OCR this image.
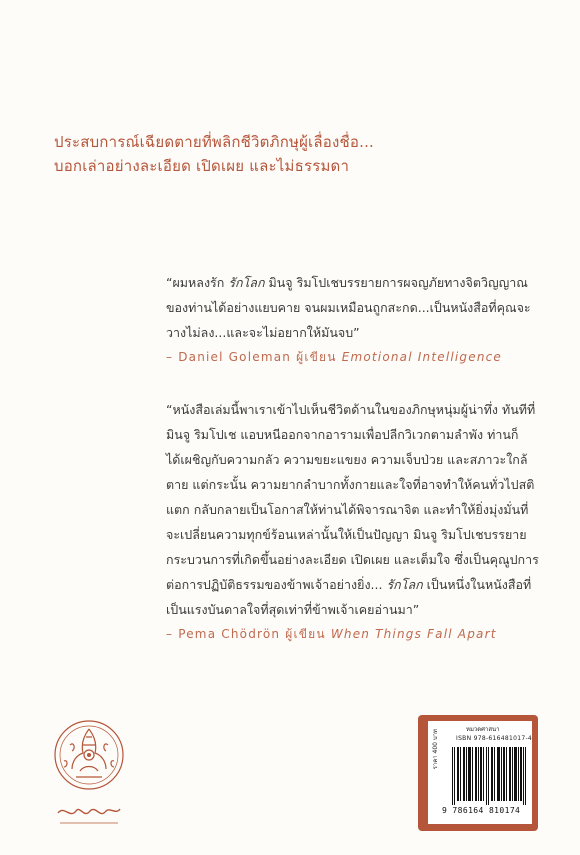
ประสบการณ์เฉียดตายที่พลิกชีวิตภิกษุผู้เลื่องชื่อ...
บอกเล่าอย่างละเอียด เปิดเผย และไม่ธรรมดา
“ผมหลงรัก รักโลก มินจู ริมโปเชบรรยายการผจญภัยทางจิตวิญญาณ
ของท่านได้อย่างแยบคาย จนผมเหมือนถูกสะกด...เป็นหนังสือที่คุณจะ
วางไม่ลง...และจะไม่อยากให้มันจบ”
– Daniel Goleman ผู้เขียน Emotional Intelligence
“หนังสือเล่มนี้พาเราเข้าไปเห็นชีวิตด้านในของภิกษุหนุ่มผู้น่าทึ่ง ทันทีที่
มินจู ริมโปเช แอบหนีออกจากอารามเพื่อปลีกวิเวกตามลำพัง ท่านก็
ได้เผชิญกับความกลัว ความขยะแขยง ความเจ็บป่วย และสภาวะใกล้
ตาย แต่กระนั้น ความยากลำบากทั้งกายและใจที่อาจทำให้คนทั่วไปสติ
แตก กลับกลายเป็นโอกาสให้ท่านได้พิจารณาจิต และทำให้ยิ่งมุ่งมั่นที่
จะเปลี่ยนความทุกข์ร้อนเหล่านั้นให้เป็นปัญญา มินจู ริมโปเชบรรยาย
กระบวนการที่เกิดขึ้นอย่างละเอียด เปิดเผย และเต็มใจ ซึ่งเป็นคุณูปการ
ต่อการปฏิบัติธรรมของข้าพเจ้าอย่างยิ่ง... รักโลก เป็นหนึ่งในหนังสือที่
เป็นแรงบันดาลใจที่สุดเท่าที่ข้าพเจ้าเคยอ่านมา”
– Pema Chödrön ผู้เขียน When Things Fall Apart
หมวดศาสนา
ISBN 978-616481017-4
ราคา 400 บาท
9 786164 810174
